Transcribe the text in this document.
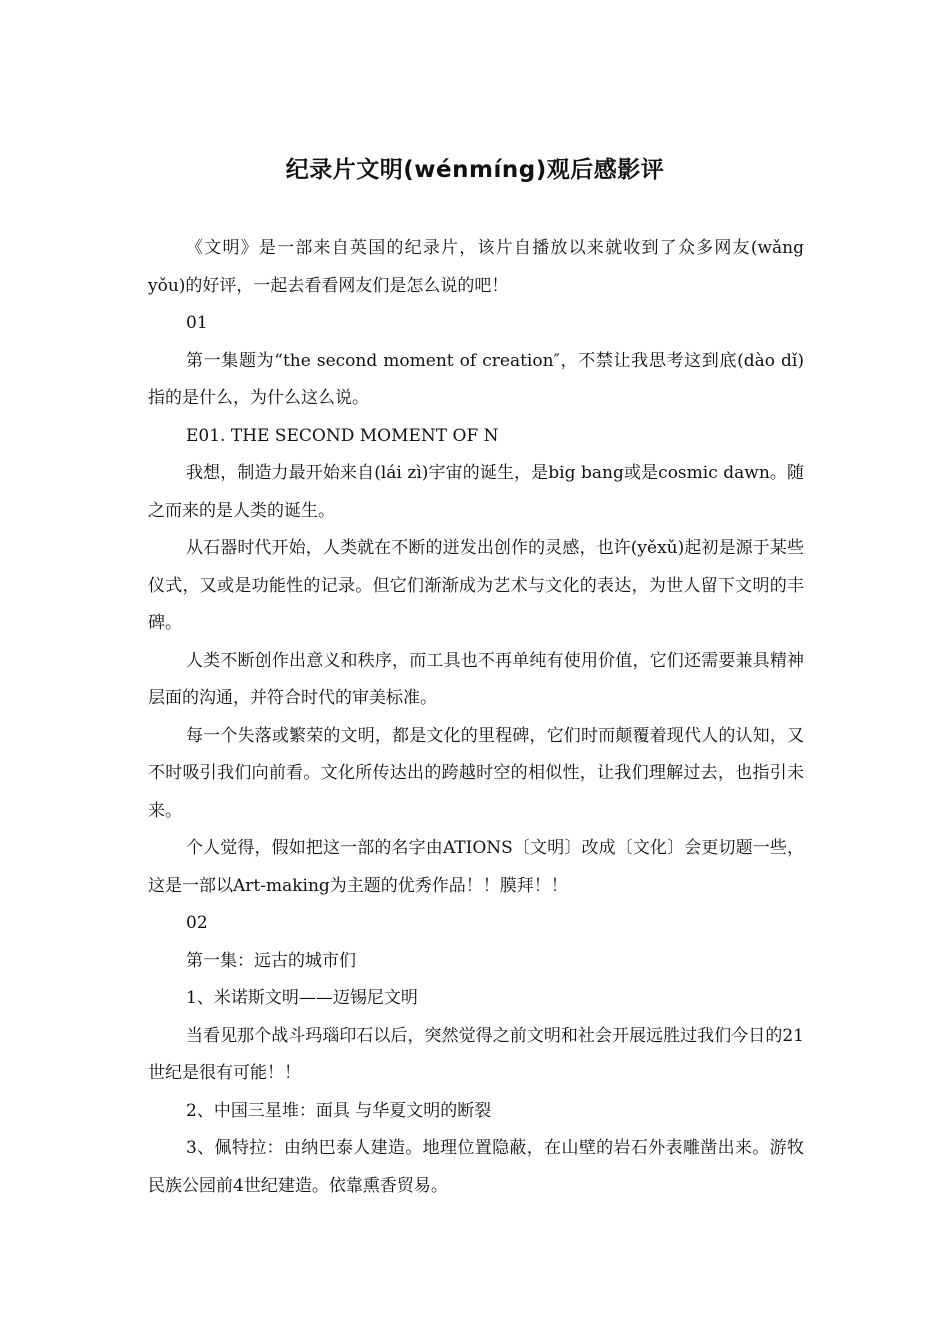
纪录片文明(wénmíng)观后感影评

《文明》是一部来自英国的纪录片，该片自播放以来就收到了众多网友(wǎng yǒu)的好评，一起去看看网友们是怎么说的吧！

01

第一集题为“the second moment of creation″，不禁让我思考这到底(dào dǐ)指的是什么，为什么这么说。

E01. THE SECOND MOMENT OF N

我想，制造力最开始来自(lái zì)宇宙的诞生，是big bang或是cosmic dawn。随之而来的是人类的诞生。

从石器时代开始，人类就在不断的迸发出创作的灵感，也许(yěxǔ)起初是源于某些仪式，又或是功能性的记录。但它们渐渐成为艺术与文化的表达，为世人留下文明的丰碑。

人类不断创作出意义和秩序，而工具也不再单纯有使用价值，它们还需要兼具精神层面的沟通，并符合时代的审美标准。

每一个失落或繁荣的文明，都是文化的里程碑，它们时而颠覆着现代人的认知，又不时吸引我们向前看。文化所传达出的跨越时空的相似性，让我们理解过去，也指引未来。

个人觉得，假如把这一部的名字由ATIONS〔文明〕改成〔文化〕会更切题一些，这是一部以Art-making为主题的优秀作品！！膜拜！！

02

第一集：远古的城市们

1、米诺斯文明——迈锡尼文明

当看见那个战斗玛瑙印石以后，突然觉得之前文明和社会开展远胜过我们今日的21世纪是很有可能！！

2、中国三星堆：面具 与华夏文明的断裂

3、佩特拉：由纳巴泰人建造。地理位置隐蔽，在山壁的岩石外表雕凿出来。游牧民族公园前4世纪建造。依靠熏香贸易。
